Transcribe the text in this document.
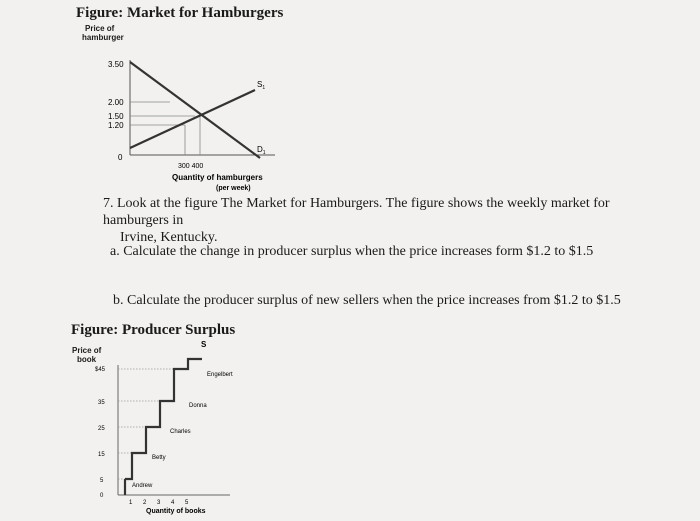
Figure: Market for Hamburgers
Price of
hamburger
3.50
2.00
1.50
1.20
0
$S_1$
$D_1$
300 400
Quantity of hamburgers
(per week)
7. Look at the figure The Market for Hamburgers. The figure shows the weekly market for hamburgers in
Irvine, Kentucky.
a. Calculate the change in producer surplus when the price increases form $1.2 to $1.5
b. Calculate the producer surplus of new sellers when the price increases from $1.2 to $1.5
Figure: Producer Surplus
Price of
book
$45
35
25
15
5
0
S
Andrew
Betty
Charles
Donna
Engelbert
1 2 3 4 5
Quantity of books
